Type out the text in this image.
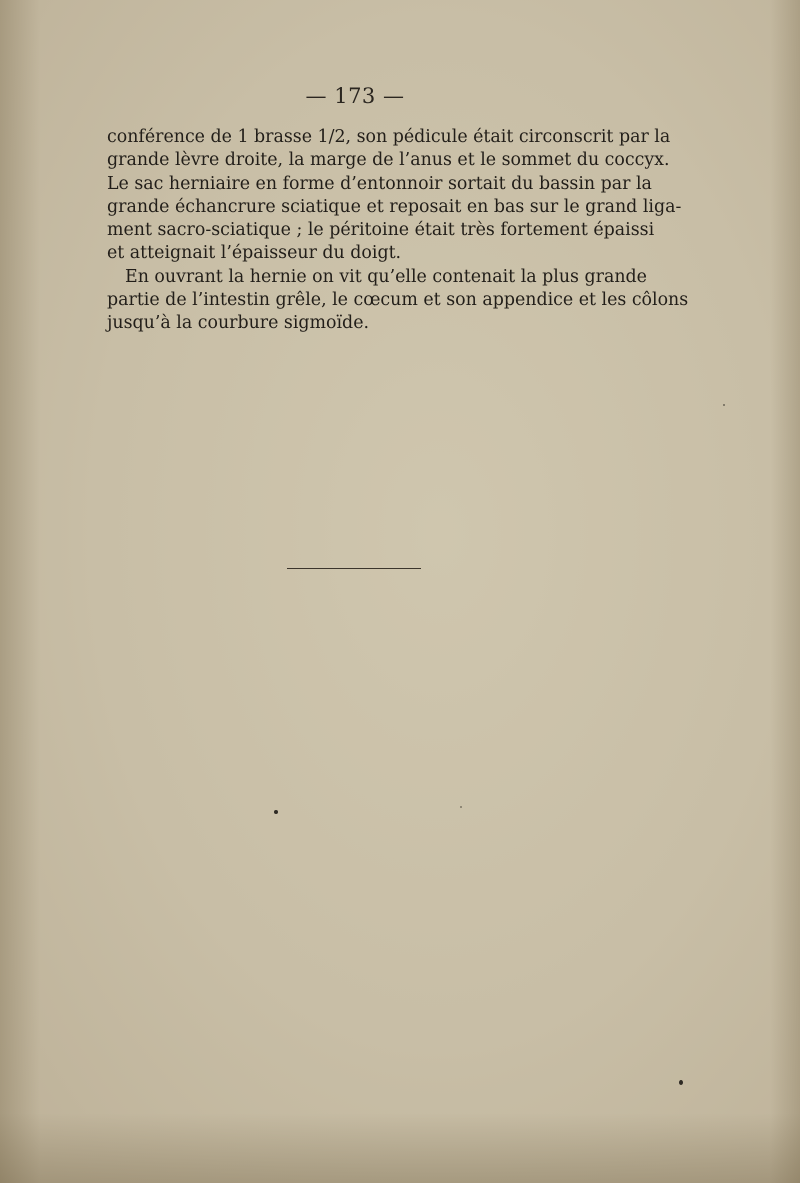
— 173 —

conférence de 1 brasse 1/2, son pédicule était circonscrit par la
grande lèvre droite, la marge de l’anus et le sommet du coccyx.
Le sac herniaire en forme d’entonnoir sortait du bassin par la
grande échancrure sciatique et reposait en bas sur le grand liga-
ment sacro-sciatique ; le péritoine était très fortement épaissi
et atteignait l’épaisseur du doigt.

En ouvrant la hernie on vit qu’elle contenait la plus grande
partie de l’intestin grêle, le cœcum et son appendice et les côlons
jusqu’à la courbure sigmoïde.
